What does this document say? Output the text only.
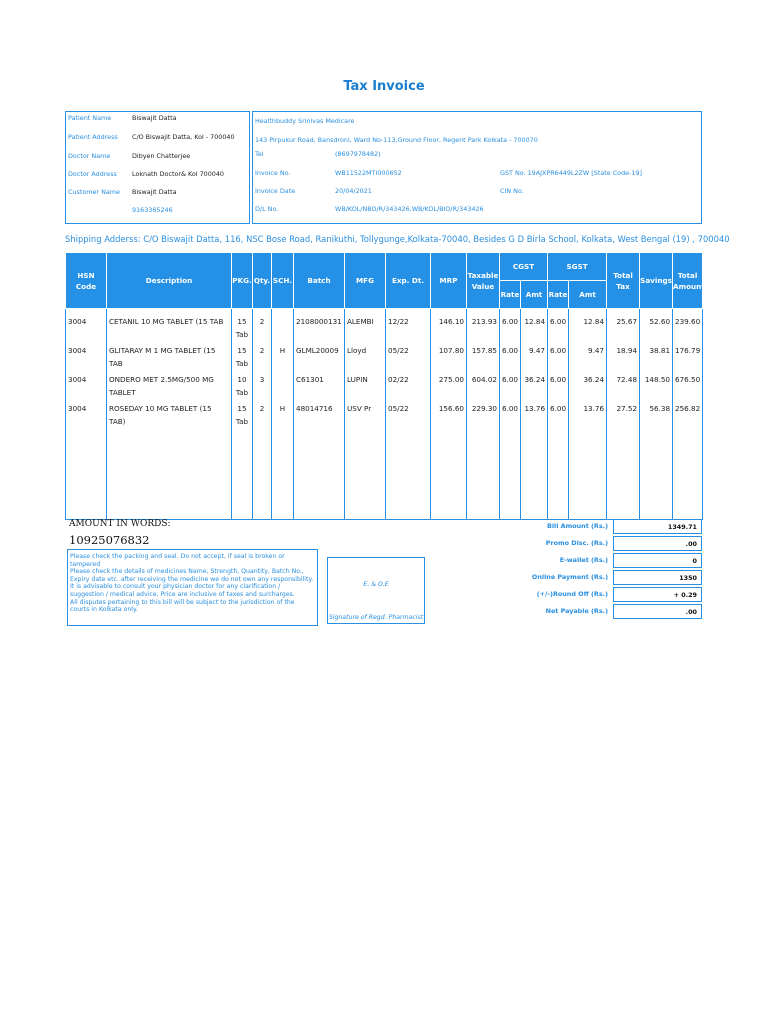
Tax Invoice
Patient Name	Biswajit Datta
Patient Address C/O Biswajit Datta, Kol - 700040
Doctor Name	Dibyen Chatterjee
Doctor Address Loknath Doctor& Kol 700040
Customer Name Biswajit Datta
9163365246
Healthbuddy Srinivas Medicare
143 Pirpukur Road, Bansdroni, Ward No-113,Ground Floor, Regent Park Kolkata - 700070
Tel	(8697978482)
Invoice No.	WB11522MTI000652	GST No. 19AJXPR6449L2ZW [State Code-19]
Invoice Date	20/04/2021	CIN No.
D/L No.	WB/KOL/NBO/R/343426,WB/KOL/BIO/R/343426
Shipping Adderss: C/O Biswajit Datta, 116, NSC Bose Road, Ranikuthi, Tollygunge,Kolkata-70040, Besides G D Birla School, Kolkata, West Bengal (19) , 700040
HSN Code	Description	PKG.	Qty.	SCH.	Batch	MFG	Exp. Dt.	MRP	Taxable Value	CGST		SGST		Total Tax	Savings	Total Amount
										Rate	Amt	Rate	Amt			
3004	CETANIL 10 MG TABLET (15 TAB	15 Tab	2		2108000131	ALEMBI	12/22	146.10	213.93	6.00	12.84	6.00	12.84	25.67	52.60	239.60
3004	GLITARAY M 1 MG TABLET (15 TAB	15 Tab	2	H	GLML20009	Lloyd	05/22	107.80	157.85	6.00	9.47	6.00	9.47	18.94	38.81	176.79
3004	ONDERO MET 2.5MG/500 MG TABLET	10 Tab	3		C61301	LUPIN	02/22	275.00	604.02	6.00	36.24	6.00	36.24	72.48	148.50	676.50
3004	ROSEDAY 10 MG TABLET (15 TAB)	15 Tab	2	H	48014716	USV Pr	05/22	156.60	229.30	6.00	13.76	6.00	13.76	27.52	56.38	256.82

AMOUNT IN WORDS:
10925076832
Please check the packing and seal. Do not accept, if seal is broken or tampered
Please check the details of medicines Name, Strength, Quantity, Batch No., Expiry date etc. after receiving the medicine we do not own any responsibility.
It is advisable to consult your physician doctor for any clarification / suggestion / medical advice. Price are inclusive of taxes and surcharges.
All disputes pertaining to this bill will be subject to the jurisdiction of the courts in Kolkata only.
E. & O.E
Signature of Regd. Pharmacist
Bill Amount (Rs.)	1349.71
Promo Disc. (Rs.)	.00
E-wallet (Rs.)	0
Online Payment (Rs.)	1350
(+/-)Round Off (Rs.)	+ 0.29
Net Payable (Rs.)	.00
